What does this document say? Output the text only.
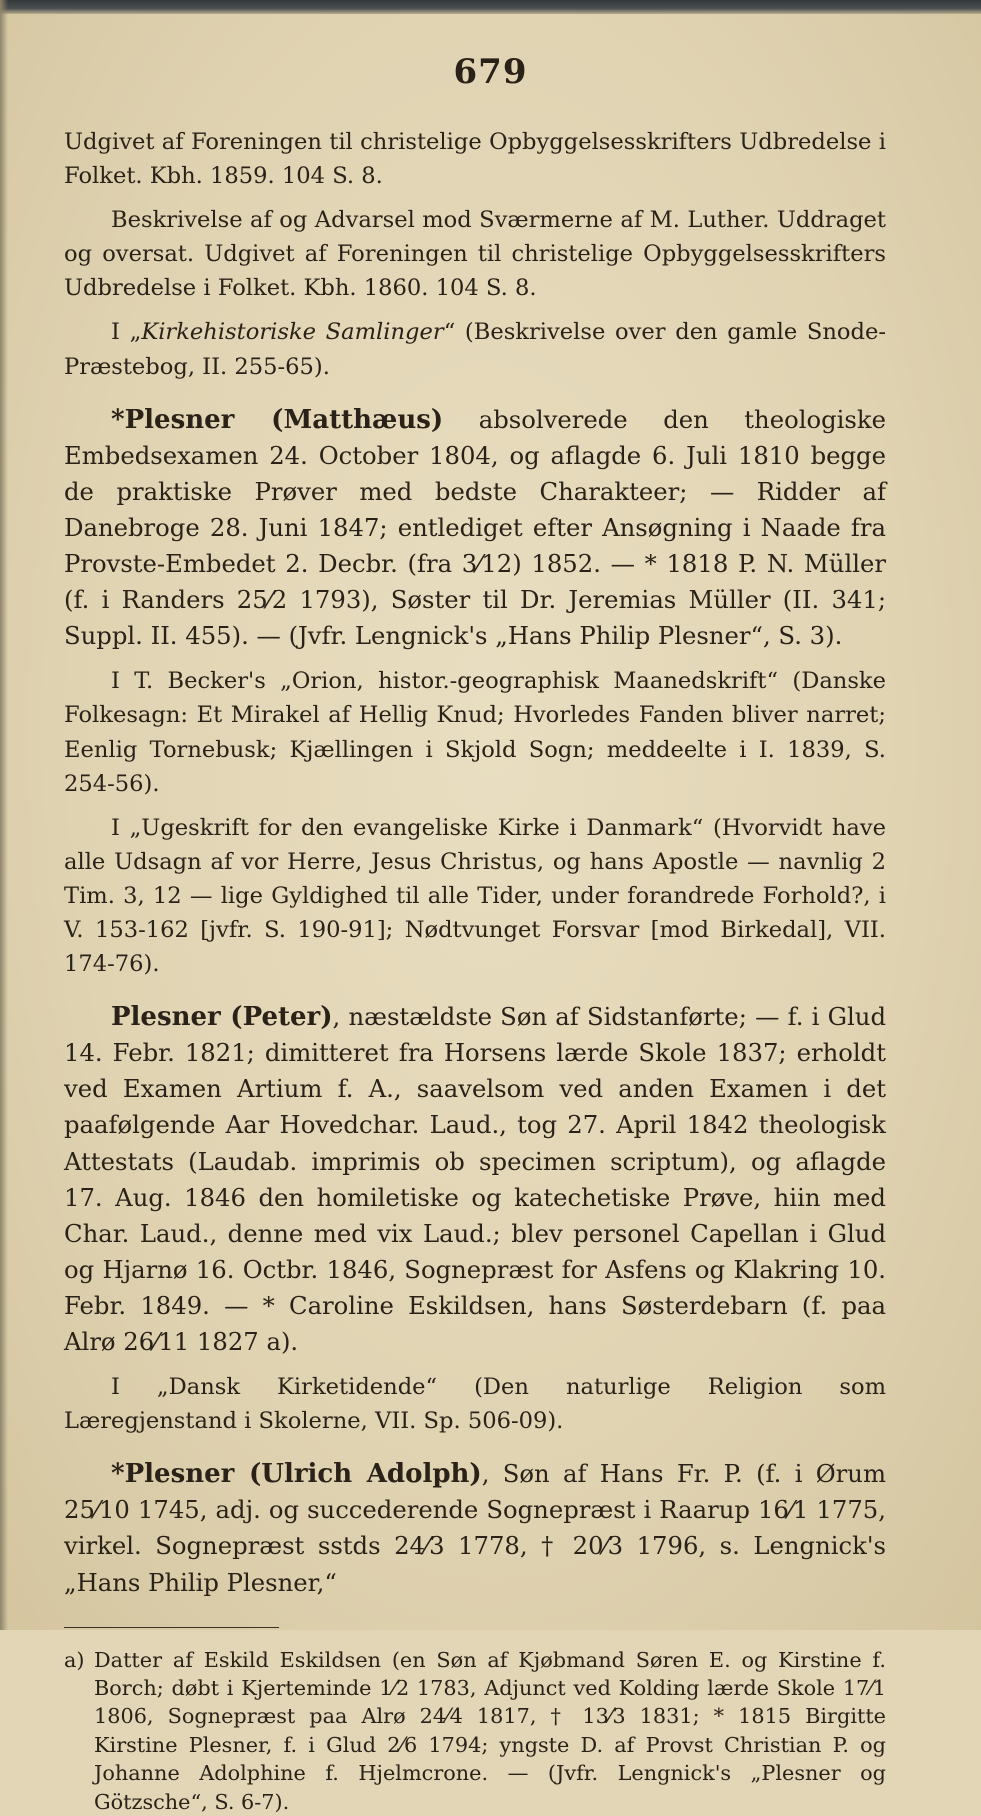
679

Udgivet af Foreningen til christelige Opbyggelsesskrifters Udbredelse i Folket. Kbh. 1859. 104 S. 8.

Beskrivelse af og Advarsel mod Sværmerne af M. Luther. Uddraget og oversat. Udgivet af Foreningen til christelige Opbyggelsesskrifters Udbredelse i Folket. Kbh. 1860. 104 S. 8.

I „Kirkehistoriske Samlinger“ (Beskrivelse over den gamle Snode-Præstebog, II. 255-65).

*Plesner (Matthæus) absolverede den theologiske Embedsexamen 24. October 1804, og aflagde 6. Juli 1810 begge de praktiske Prøver med bedste Charakteer; — Ridder af Danebroge 28. Juni 1847; entlediget efter Ansøgning i Naade fra Provste-Embedet 2. Decbr. (fra 3⁄12) 1852. — * 1818 P. N. Müller (f. i Randers 25⁄2 1793), Søster til Dr. Jeremias Müller (II. 341; Suppl. II. 455). — (Jvfr. Lengnick's „Hans Philip Plesner“, S. 3).

I T. Becker's „Orion, histor.-geographisk Maanedskrift“ (Danske Folkesagn: Et Mirakel af Hellig Knud; Hvorledes Fanden bliver narret; Eenlig Tornebusk; Kjællingen i Skjold Sogn; meddeelte i I. 1839, S. 254-56).

I „Ugeskrift for den evangeliske Kirke i Danmark“ (Hvorvidt have alle Udsagn af vor Herre, Jesus Christus, og hans Apostle — navnlig 2 Tim. 3, 12 — lige Gyldighed til alle Tider, under forandrede Forhold?, i V. 153-162 [jvfr. S. 190-91]; Nødtvunget Forsvar [mod Birkedal], VII. 174-76).

Plesner (Peter), næstældste Søn af Sidstanførte; — f. i Glud 14. Febr. 1821; dimitteret fra Horsens lærde Skole 1837; erholdt ved Examen Artium f. A., saavelsom ved anden Examen i det paafølgende Aar Hovedchar. Laud., tog 27. April 1842 theologisk Attestats (Laudab. imprimis ob specimen scriptum), og aflagde 17. Aug. 1846 den homiletiske og katechetiske Prøve, hiin med Char. Laud., denne med vix Laud.; blev personel Capellan i Glud og Hjarnø 16. Octbr. 1846, Sognepræst for Asfens og Klakring 10. Febr. 1849. — * Caroline Eskildsen, hans Søsterdebarn (f. paa Alrø 26⁄11 1827 a).

I „Dansk Kirketidende“ (Den naturlige Religion som Læregjenstand i Skolerne, VII. Sp. 506-09).

*Plesner (Ulrich Adolph), Søn af Hans Fr. P. (f. i Ørum 25⁄10 1745, adj. og succederende Sognepræst i Raarup 16⁄1 1775, virkel. Sognepræst sstds 24⁄3 1778, † 20⁄3 1796, s. Lengnick's „Hans Philip Plesner,“

a) Datter af Eskild Eskildsen (en Søn af Kjøbmand Søren E. og Kirstine f. Borch; døbt i Kjerteminde 1⁄2 1783, Adjunct ved Kolding lærde Skole 17⁄1 1806, Sognepræst paa Alrø 24⁄4 1817, † 13⁄3 1831; * 1815 Birgitte Kirstine Plesner, f. i Glud 2⁄6 1794; yngste D. af Provst Christian P. og Johanne Adolphine f. Hjelmcrone. — (Jvfr. Lengnick's „Plesner og Götzsche“, S. 6-7).
